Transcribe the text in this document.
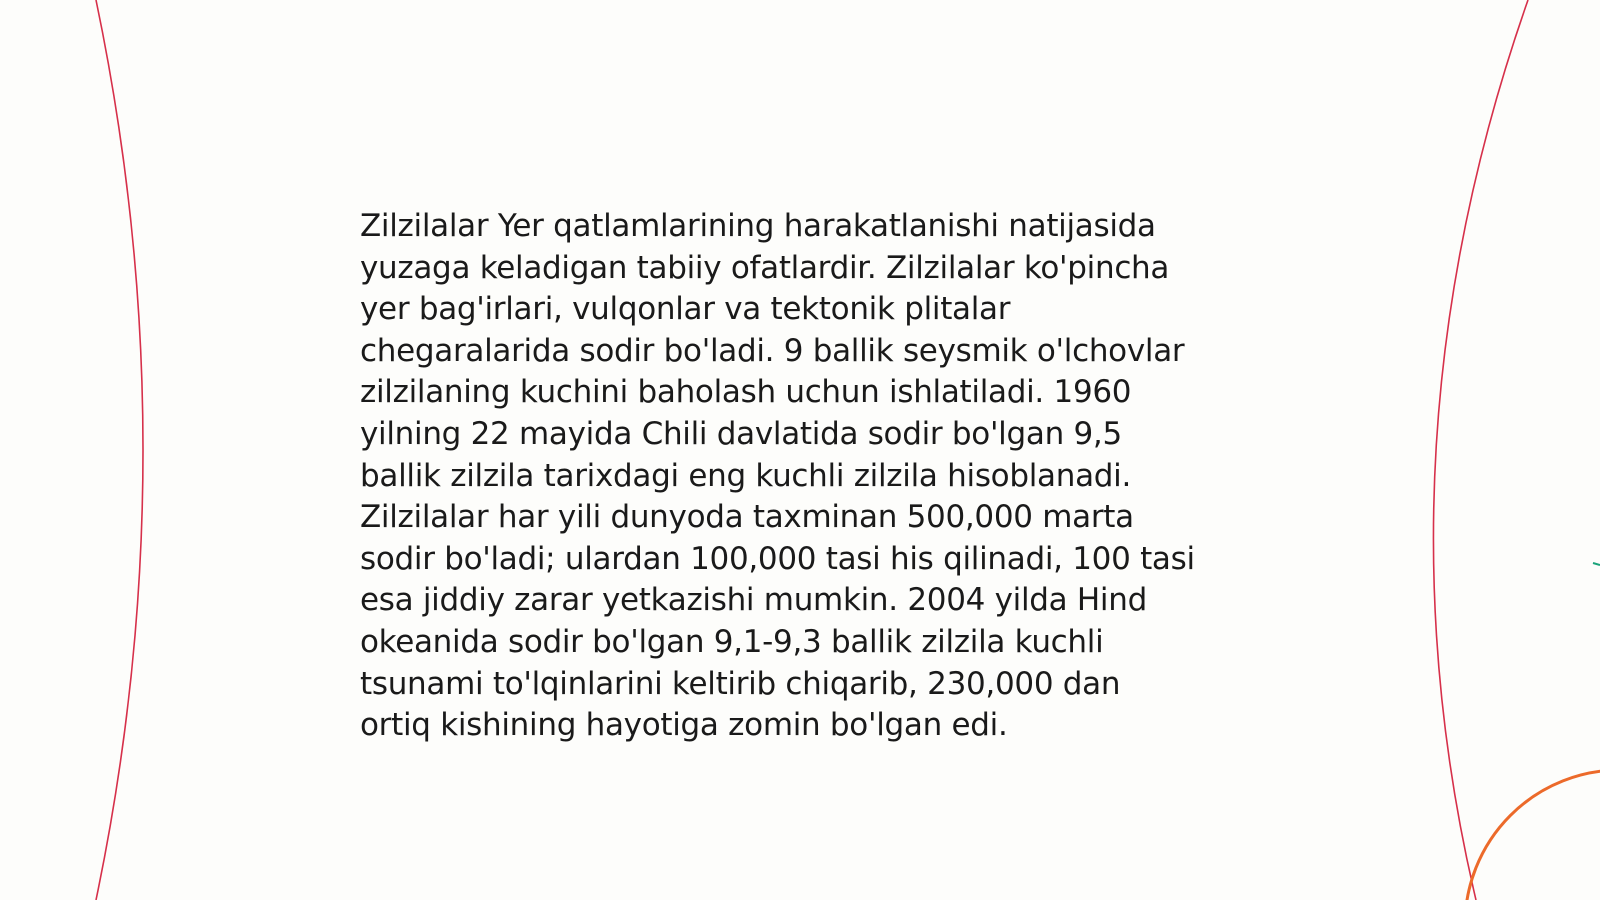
Zilzilalar Yer qatlamlarining harakatlanishi natijasida
yuzaga keladigan tabiiy ofatlardir. Zilzilalar ko'pincha
yer bag'irlari, vulqonlar va tektonik plitalar
chegaralarida sodir bo'ladi. 9 ballik seysmik o'lchovlar
zilzilaning kuchini baholash uchun ishlatiladi. 1960
yilning 22 mayida Chili davlatida sodir bo'lgan 9,5
ballik zilzila tarixdagi eng kuchli zilzila hisoblanadi.
Zilzilalar har yili dunyoda taxminan 500,000 marta
sodir bo'ladi; ulardan 100,000 tasi his qilinadi, 100 tasi
esa jiddiy zarar yetkazishi mumkin. 2004 yilda Hind
okeanida sodir bo'lgan 9,1-9,3 ballik zilzila kuchli
tsunami to'lqinlarini keltirib chiqarib, 230,000 dan
ortiq kishining hayotiga zomin bo'lgan edi.
